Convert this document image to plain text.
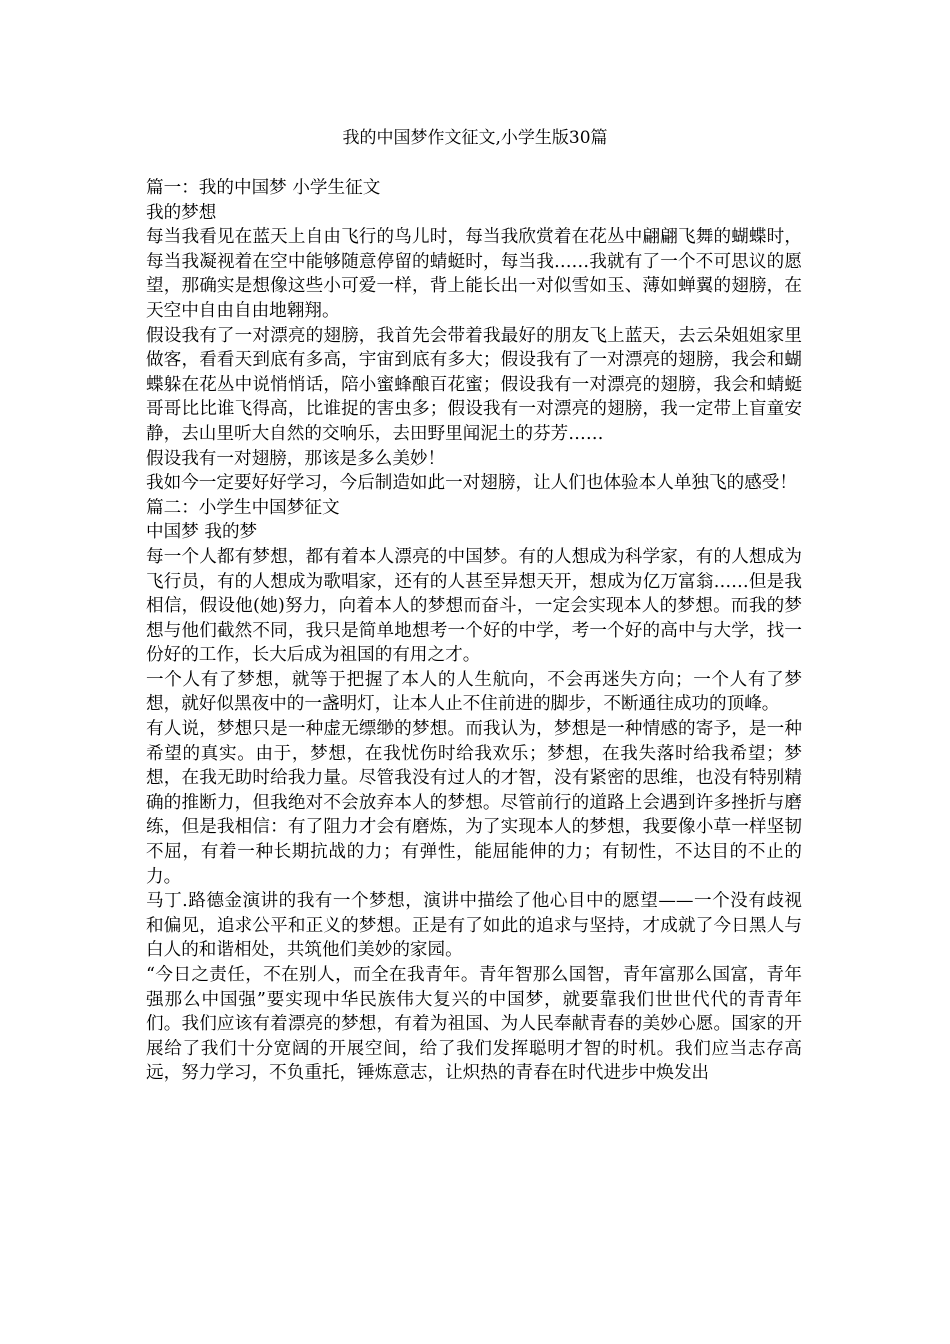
我的中国梦作文征文,小学生版30篇

篇一：我的中国梦 小学生征文

我的梦想

每当我看见在蓝天上自由飞行的鸟儿时，每当我欣赏着在花丛中翩翩飞舞的蝴蝶时，每当我凝视着在空中能够随意停留的蜻蜓时，每当我……我就有了一个不可思议的愿望，那确实是想像这些小可爱一样，背上能长出一对似雪如玉、薄如蝉翼的翅膀，在天空中自由自由地翱翔。

假设我有了一对漂亮的翅膀，我首先会带着我最好的朋友飞上蓝天，去云朵姐姐家里做客，看看天到底有多高，宇宙到底有多大；假设我有了一对漂亮的翅膀，我会和蝴蝶躲在花丛中说悄悄话，陪小蜜蜂酿百花蜜；假设我有一对漂亮的翅膀，我会和蜻蜓哥哥比比谁飞得高，比谁捉的害虫多；假设我有一对漂亮的翅膀，我一定带上盲童安静，去山里听大自然的交响乐，去田野里闻泥土的芬芳……

假设我有一对翅膀，那该是多么美妙！

我如今一定要好好学习，今后制造如此一对翅膀，让人们也体验本人单独飞的感受！

篇二：小学生中国梦征文

中国梦 我的梦

每一个人都有梦想，都有着本人漂亮的中国梦。有的人想成为科学家，有的人想成为飞行员，有的人想成为歌唱家，还有的人甚至异想天开，想成为亿万富翁……但是我相信，假设他(她)努力，向着本人的梦想而奋斗，一定会实现本人的梦想。而我的梦想与他们截然不同，我只是简单地想考一个好的中学，考一个好的高中与大学，找一份好的工作，长大后成为祖国的有用之才。

一个人有了梦想，就等于把握了本人的人生航向，不会再迷失方向；一个人有了梦想，就好似黑夜中的一盏明灯，让本人止不住前进的脚步，不断通往成功的顶峰。

有人说，梦想只是一种虚无缥缈的梦想。而我认为，梦想是一种情感的寄予，是一种希望的真实。由于，梦想，在我忧伤时给我欢乐；梦想，在我失落时给我希望；梦想，在我无助时给我力量。尽管我没有过人的才智，没有紧密的思维，也没有特别精确的推断力，但我绝对不会放弃本人的梦想。尽管前行的道路上会遇到许多挫折与磨练，但是我相信：有了阻力才会有磨炼，为了实现本人的梦想，我要像小草一样坚韧不屈，有着一种长期抗战的力；有弹性，能屈能伸的力；有韧性，不达目的不止的力。

马丁.路德金演讲的我有一个梦想，演讲中描绘了他心目中的愿望——一个没有歧视和偏见，追求公平和正义的梦想。正是有了如此的追求与坚持，才成就了今日黑人与白人的和谐相处，共筑他们美妙的家园。

“今日之责任，不在别人，而全在我青年。青年智那么国智，青年富那么国富，青年强那么中国强”要实现中华民族伟大复兴的中国梦，就要靠我们世世代代的青青年们。我们应该有着漂亮的梦想，有着为祖国、为人民奉献青春的美妙心愿。国家的开展给了我们十分宽阔的开展空间，给了我们发挥聪明才智的时机。我们应当志存高远，努力学习，不负重托，锤炼意志，让炽热的青春在时代进步中焕发出
